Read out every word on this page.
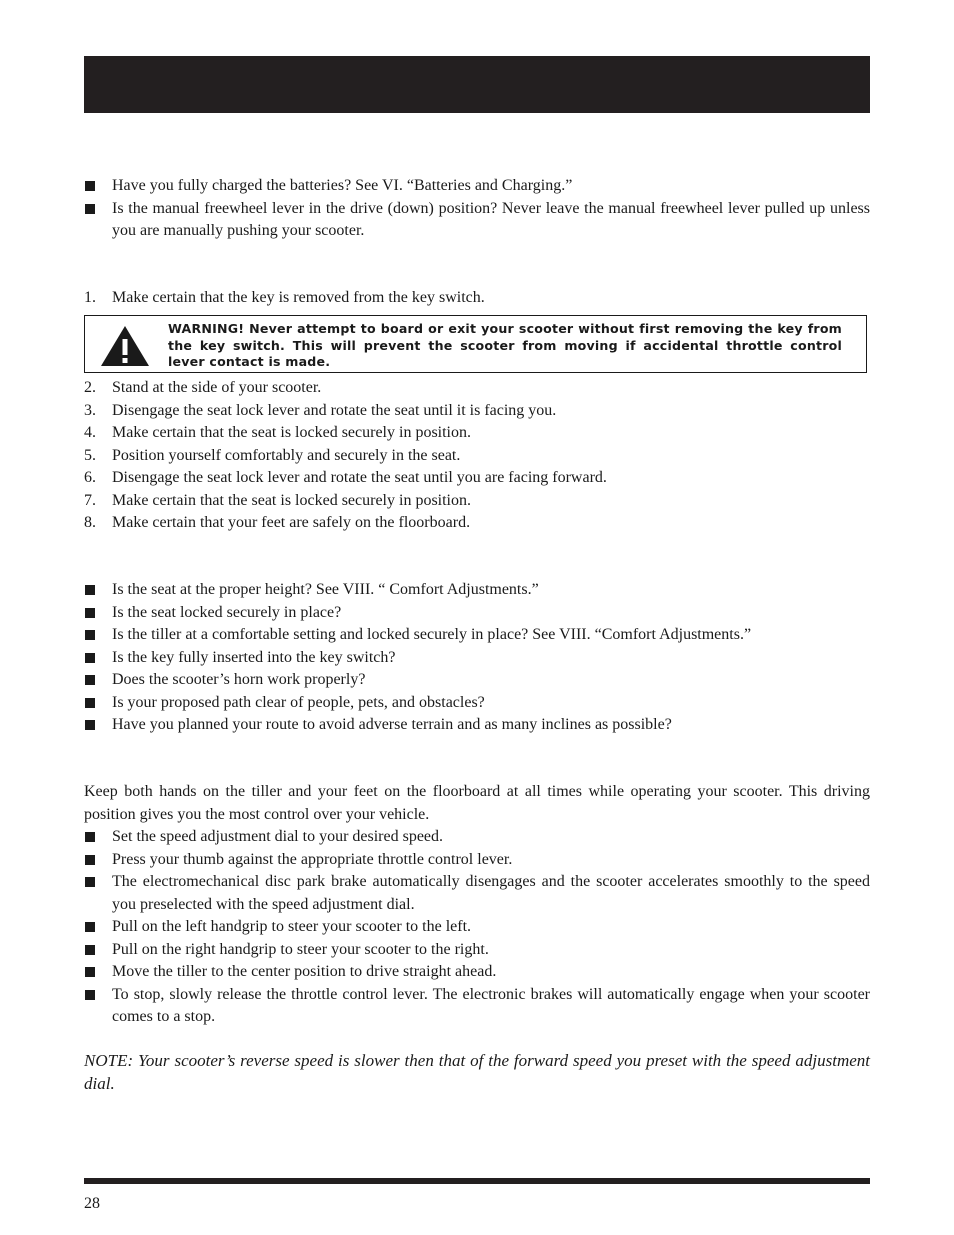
Have you fully charged the batteries? See VI. “Batteries and Charging.”
Is the manual freewheel lever in the drive (down) position? Never leave the manual freewheel lever pulled up unless you are manually pushing your scooter.
1. Make certain that the key is removed from the key switch.
WARNING! Never attempt to board or exit your scooter without first removing the key from the key switch. This will prevent the scooter from moving if accidental throttle control lever contact is made.
2. Stand at the side of your scooter.
3. Disengage the seat lock lever and rotate the seat until it is facing you.
4. Make certain that the seat is locked securely in position.
5. Position yourself comfortably and securely in the seat.
6. Disengage the seat lock lever and rotate the seat until you are facing forward.
7. Make certain that the seat is locked securely in position.
8. Make certain that your feet are safely on the floorboard.
Is the seat at the proper height? See VIII. “ Comfort Adjustments.”
Is the seat locked securely in place?
Is the tiller at a comfortable setting and locked securely in place? See VIII. “Comfort Adjustments.”
Is the key fully inserted into the key switch?
Does the scooter’s horn work properly?
Is your proposed path clear of people, pets, and obstacles?
Have you planned your route to avoid adverse terrain and as many inclines as possible?

Keep both hands on the tiller and your feet on the floorboard at all times while operating your scooter. This driving position gives you the most control over your vehicle.

Set the speed adjustment dial to your desired speed.
Press your thumb against the appropriate throttle control lever.
The electromechanical disc park brake automatically disengages and the scooter accelerates smoothly to the speed you preselected with the speed adjustment dial.
Pull on the left handgrip to steer your scooter to the left.
Pull on the right handgrip to steer your scooter to the right.
Move the tiller to the center position to drive straight ahead.
To stop, slowly release the throttle control lever. The electronic brakes will automatically engage when your scooter comes to a stop.

NOTE: Your scooter’s reverse speed is slower then that of the forward speed you preset with the speed adjustment dial.

28
